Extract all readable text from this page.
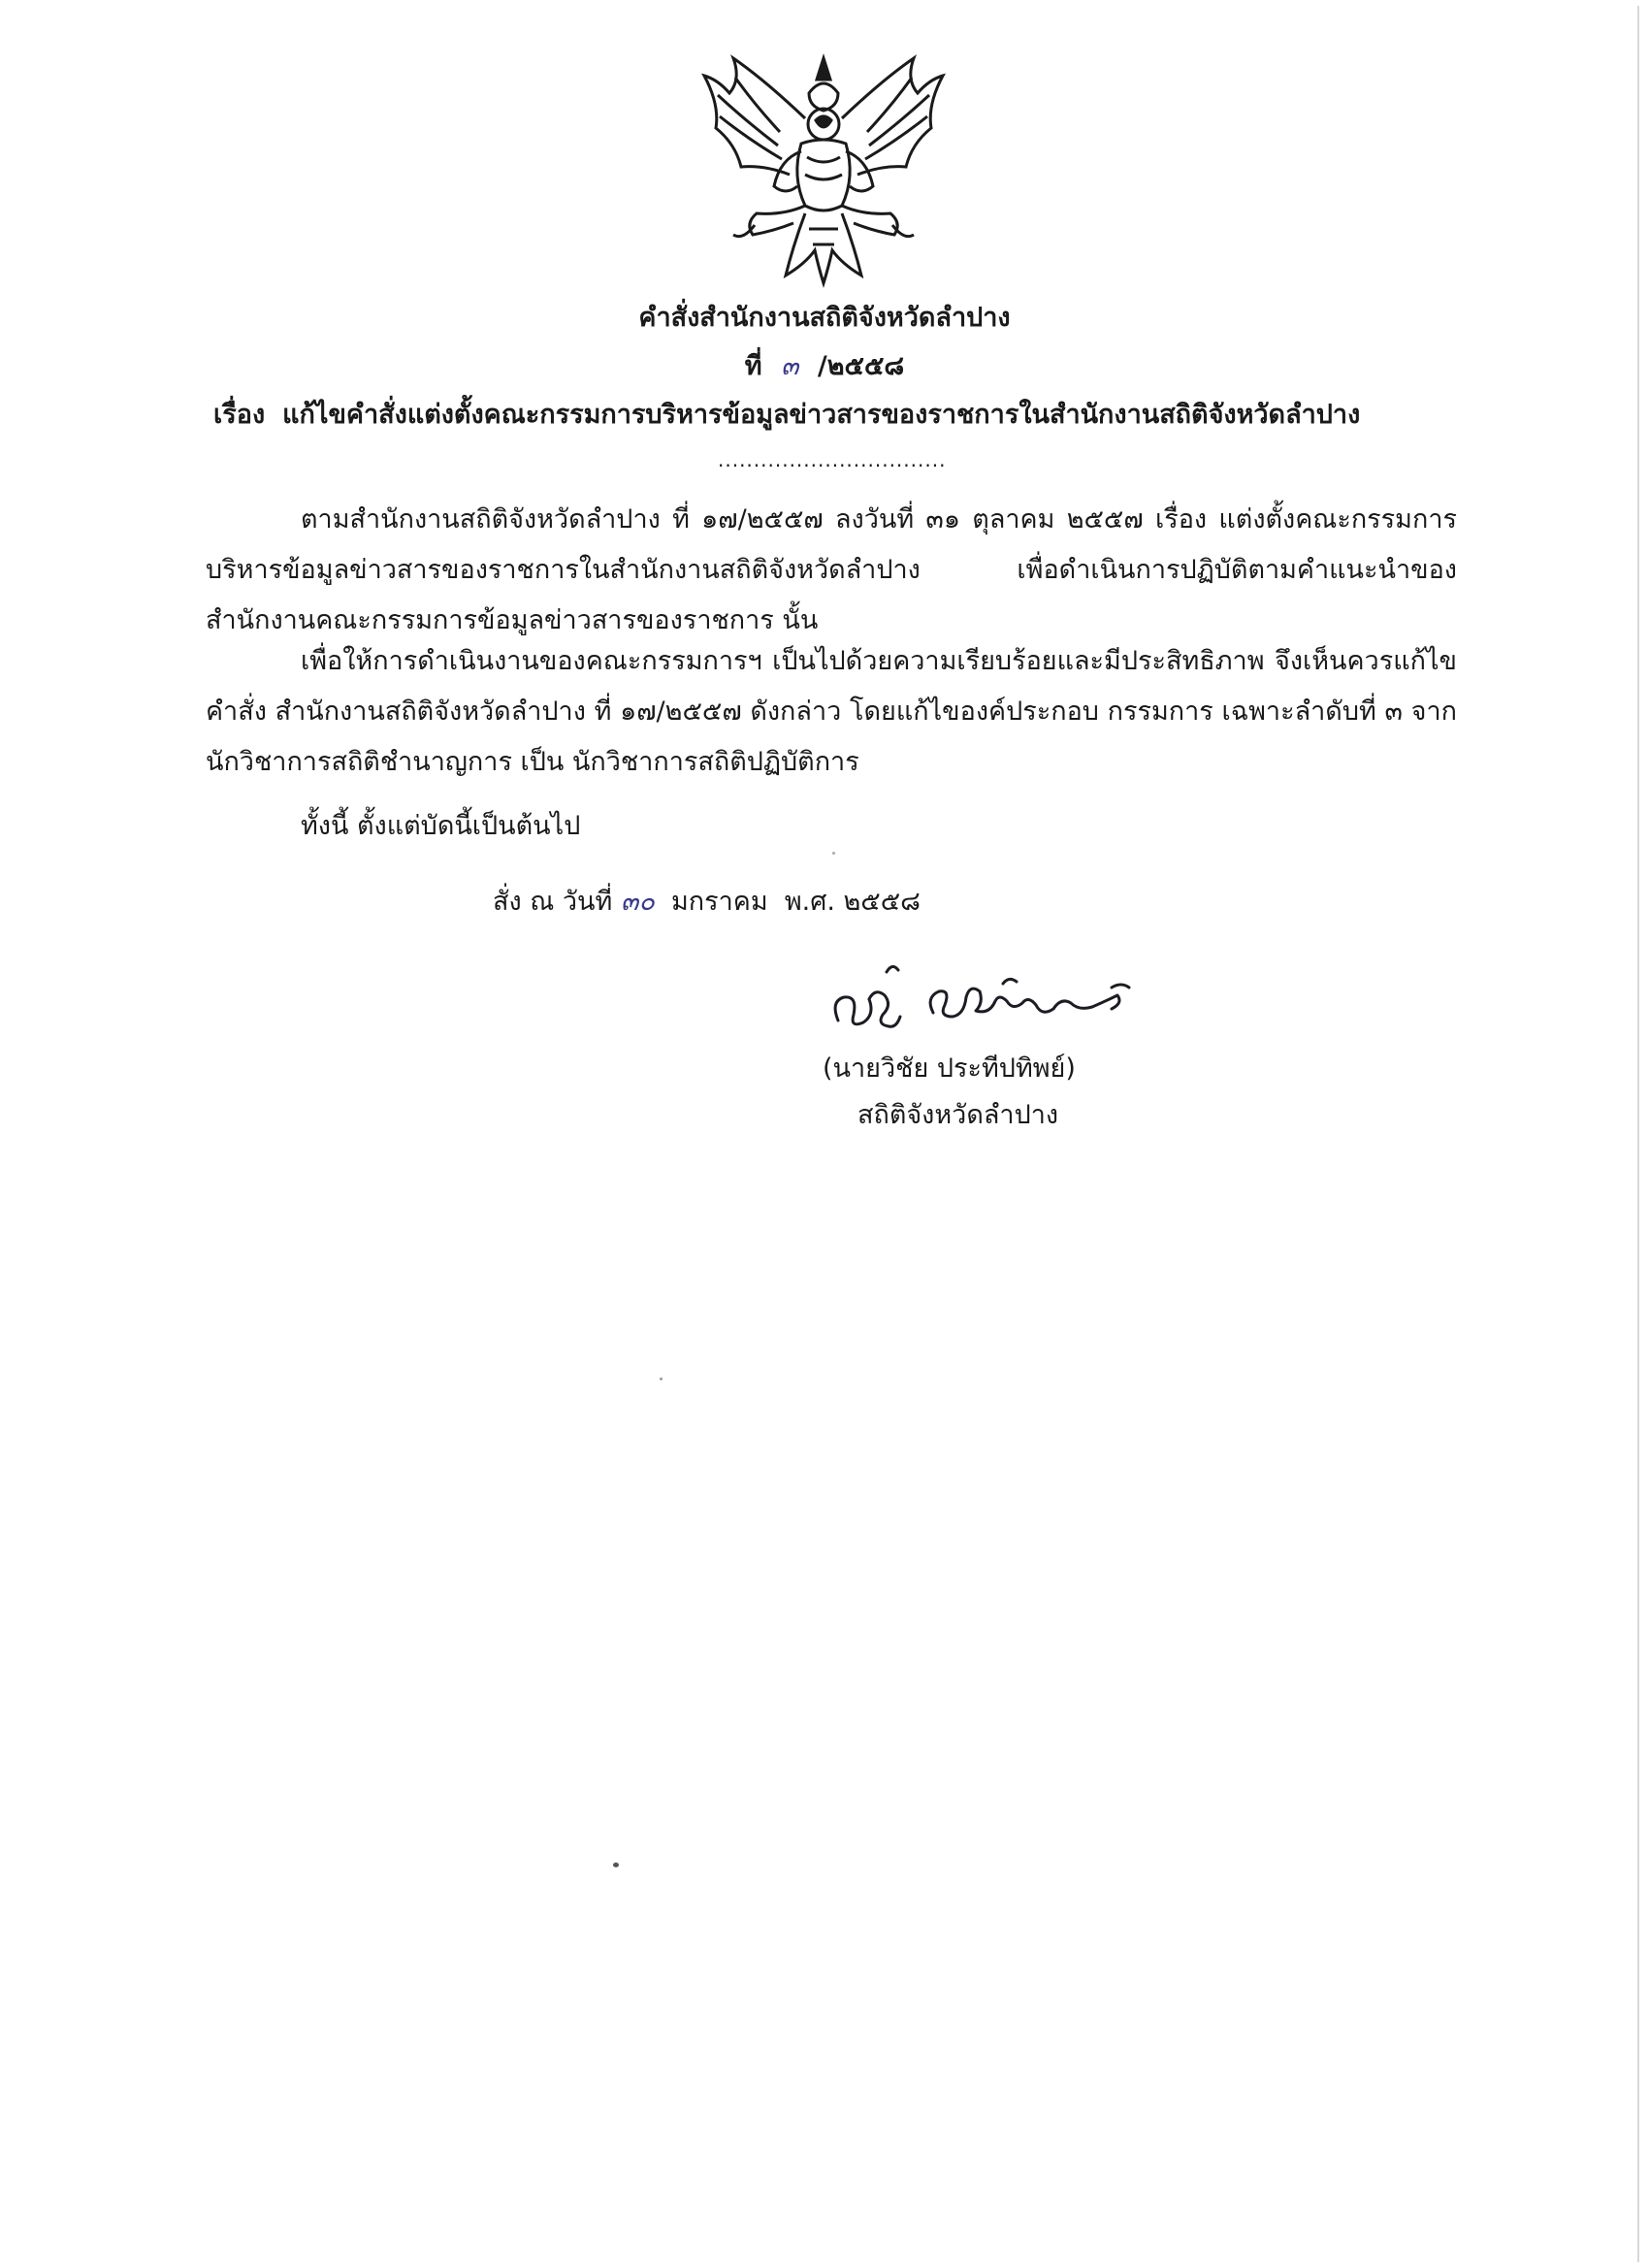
คำสั่งสำนักงานสถิติจังหวัดลำปาง
ที่ ๓ /๒๕๕๘
เรื่อง แก้ไขคำสั่งแต่งตั้งคณะกรรมการบริหารข้อมูลข่าวสารของราชการในสำนักงานสถิติจังหวัดลำปาง
................................
ตามสำนักงานสถิติจังหวัดลำปาง ที่ ๑๗/๒๕๕๗ ลงวันที่ ๓๑ ตุลาคม ๒๕๕๗ เรื่อง แต่งตั้งคณะกรรมการบริหารข้อมูลข่าวสารของราชการในสำนักงานสถิติจังหวัดลำปาง เพื่อดำเนินการปฏิบัติตามคำแนะนำของสำนักงานคณะกรรมการข้อมูลข่าวสารของราชการ นั้น
เพื่อให้การดำเนินงานของคณะกรรมการฯ เป็นไปด้วยความเรียบร้อยและมีประสิทธิภาพ จึงเห็นควรแก้ไขคำสั่ง สำนักงานสถิติจังหวัดลำปาง ที่ ๑๗/๒๕๕๗ ดังกล่าว โดยแก้ไของค์ประกอบ กรรมการ เฉพาะลำดับที่ ๓ จากนักวิชาการสถิติชำนาญการ เป็น นักวิชาการสถิติปฏิบัติการ
ทั้งนี้ ตั้งแต่บัดนี้เป็นต้นไป
สั่ง ณ วันที่ ๓๐  มกราคม  พ.ศ. ๒๕๕๘
(นายวิชัย ประทีปทิพย์)
สถิติจังหวัดลำปาง
